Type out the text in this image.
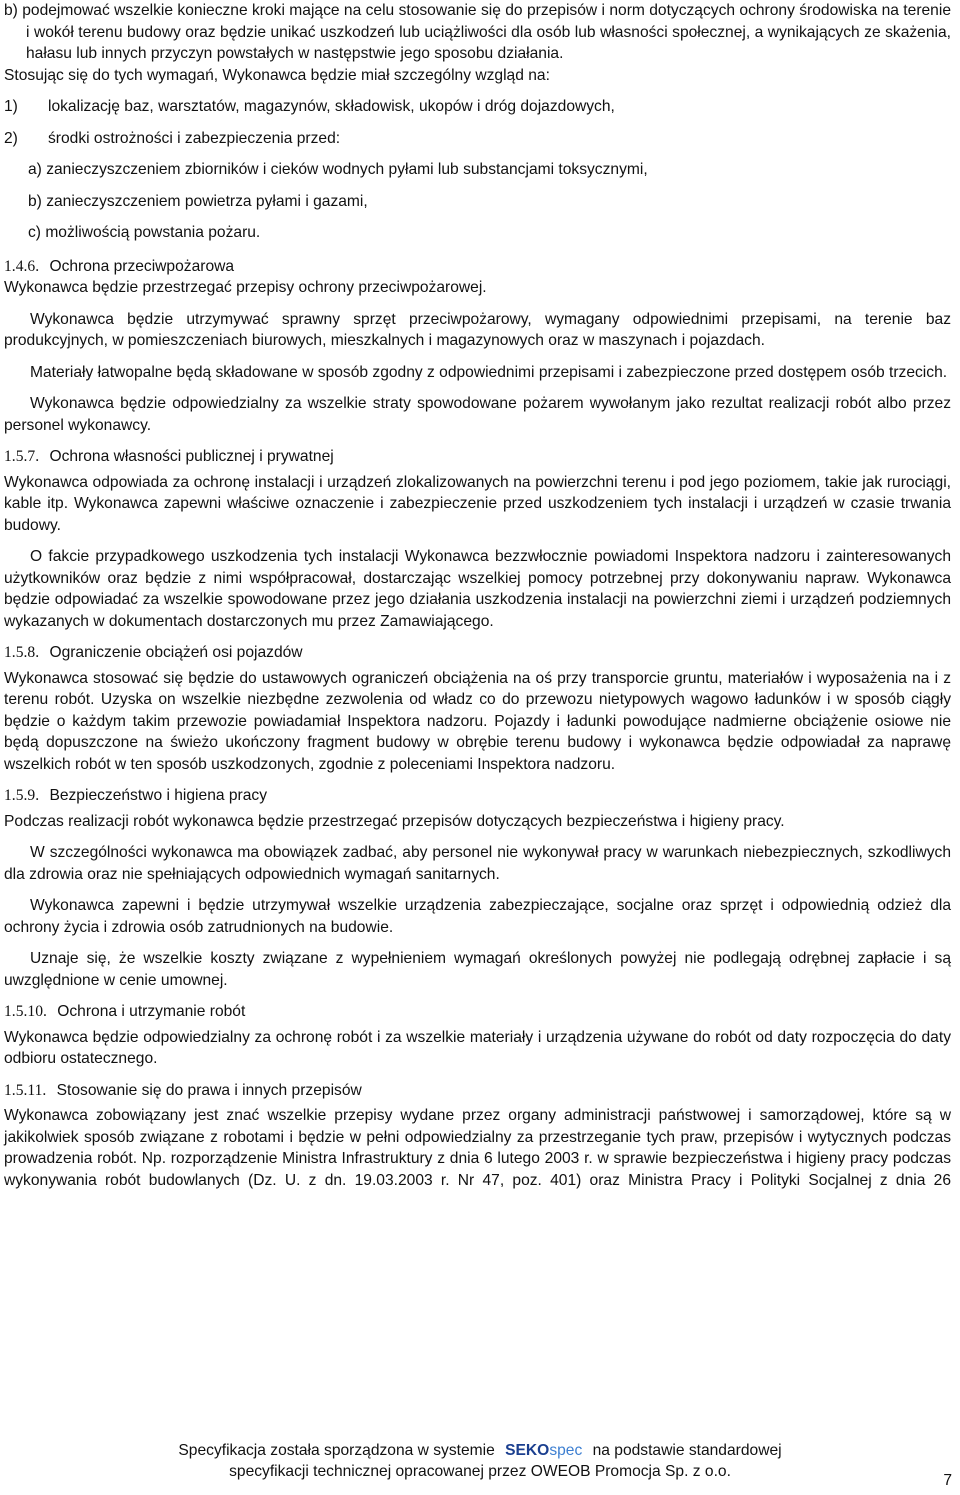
b) podejmować wszelkie konieczne kroki mające na celu stosowanie się do przepisów i norm dotyczących ochrony środowiska na terenie i wokół terenu budowy oraz będzie unikać uszkodzeń lub uciążliwości dla osób lub własności społecznej, a wynikających ze skażenia, hałasu lub innych przyczyn powstałych w następstwie jego sposobu działania.

Stosując się do tych wymagań, Wykonawca będzie miał szczególny wzgląd na:

1)	lokalizację baz, warsztatów, magazynów, składowisk, ukopów i dróg dojazdowych,
2)	środki ostrożności i zabezpieczenia przed:

a) zanieczyszczeniem zbiorników i cieków wodnych pyłami lub substancjami toksycznymi,

b) zanieczyszczeniem powietrza pyłami i gazami,

c) możliwością powstania pożaru.

1.4.6. Ochrona przeciwpożarowa

Wykonawca będzie przestrzegać przepisy ochrony przeciwpożarowej.

Wykonawca będzie utrzymywać sprawny sprzęt przeciwpożarowy, wymagany odpowiednimi przepisami, na terenie baz produkcyjnych, w pomieszczeniach biurowych, mieszkalnych i magazynowych oraz w maszynach i pojazdach.

Materiały łatwopalne będą składowane w sposób zgodny z odpowiednimi przepisami i zabezpieczone przed dostępem osób trzecich.

Wykonawca będzie odpowiedzialny za wszelkie straty spowodowane pożarem wywołanym jako rezultat realizacji robót albo przez personel wykonawcy.

1.5.7. Ochrona własności publicznej i prywatnej

Wykonawca odpowiada za ochronę instalacji i urządzeń zlokalizowanych na powierzchni terenu i pod jego poziomem, takie jak rurociągi, kable itp. Wykonawca zapewni właściwe oznaczenie i zabezpieczenie przed uszkodzeniem tych instalacji i urządzeń w czasie trwania budowy.

O fakcie przypadkowego uszkodzenia tych instalacji Wykonawca bezzwłocznie powiadomi Inspektora nadzoru i zainteresowanych użytkowników oraz będzie z nimi współpracował, dostarczając wszelkiej pomocy potrzebnej przy dokonywaniu napraw. Wykonawca będzie odpowiadać za wszelkie spowodowane przez jego działania uszkodzenia instalacji na powierzchni ziemi i urządzeń podziemnych wykazanych w dokumentach dostarczonych mu przez Zamawiającego.

1.5.8. Ograniczenie obciążeń osi pojazdów

Wykonawca stosować się będzie do ustawowych ograniczeń obciążenia na oś przy transporcie gruntu, materiałów i wyposażenia na i z terenu robót. Uzyska on wszelkie niezbędne zezwolenia od władz co do przewozu nietypowych wagowo ładunków i w sposób ciągły będzie o każdym takim przewozie powiadamiał Inspektora nadzoru. Pojazdy i ładunki powodujące nadmierne obciążenie osiowe nie będą dopuszczone na świeżo ukończony fragment budowy w obrębie terenu budowy i wykonawca będzie odpowiadał za naprawę wszelkich robót w ten sposób uszkodzonych, zgodnie z poleceniami Inspektora nadzoru.

1.5.9. Bezpieczeństwo i higiena pracy

Podczas realizacji robót wykonawca będzie przestrzegać przepisów dotyczących bezpieczeństwa i higieny pracy.

W szczególności wykonawca ma obowiązek zadbać, aby personel nie wykonywał pracy w warunkach niebezpiecznych, szkodliwych dla zdrowia oraz nie spełniających odpowiednich wymagań sanitarnych.

Wykonawca zapewni i będzie utrzymywał wszelkie urządzenia zabezpieczające, socjalne oraz sprzęt i odpowiednią odzież dla ochrony życia i zdrowia osób zatrudnionych na budowie.

Uznaje się, że wszelkie koszty związane z wypełnieniem wymagań określonych powyżej nie podlegają odrębnej zapłacie i są uwzględnione w cenie umownej.

1.5.10. Ochrona i utrzymanie robót

Wykonawca będzie odpowiedzialny za ochronę robót i za wszelkie materiały i urządzenia używane do robót od daty rozpoczęcia do daty odbioru ostatecznego.

1.5.11. Stosowanie się do prawa i innych przepisów

Wykonawca zobowiązany jest znać wszelkie przepisy wydane przez organy administracji państwowej i samorządowej, które są w jakikolwiek sposób związane z robotami i będzie w pełni odpowiedzialny za przestrzeganie tych praw, przepisów i wytycznych podczas prowadzenia robót. Np. rozporządzenie Ministra Infrastruktury z dnia 6 lutego 2003 r. w sprawie bezpieczeństwa i higieny pracy podczas wykonywania robót budowlanych (Dz. U. z dn. 19.03.2003 r. Nr 47, poz. 401) oraz Ministra Pracy i Polityki Socjalnej z dnia 26

Specyfikacja została sporządzona w systemie SEKOspec na podstawie standardowej
specyfikacji technicznej opracowanej przez OWEOB Promocja Sp. z o.o.
7
